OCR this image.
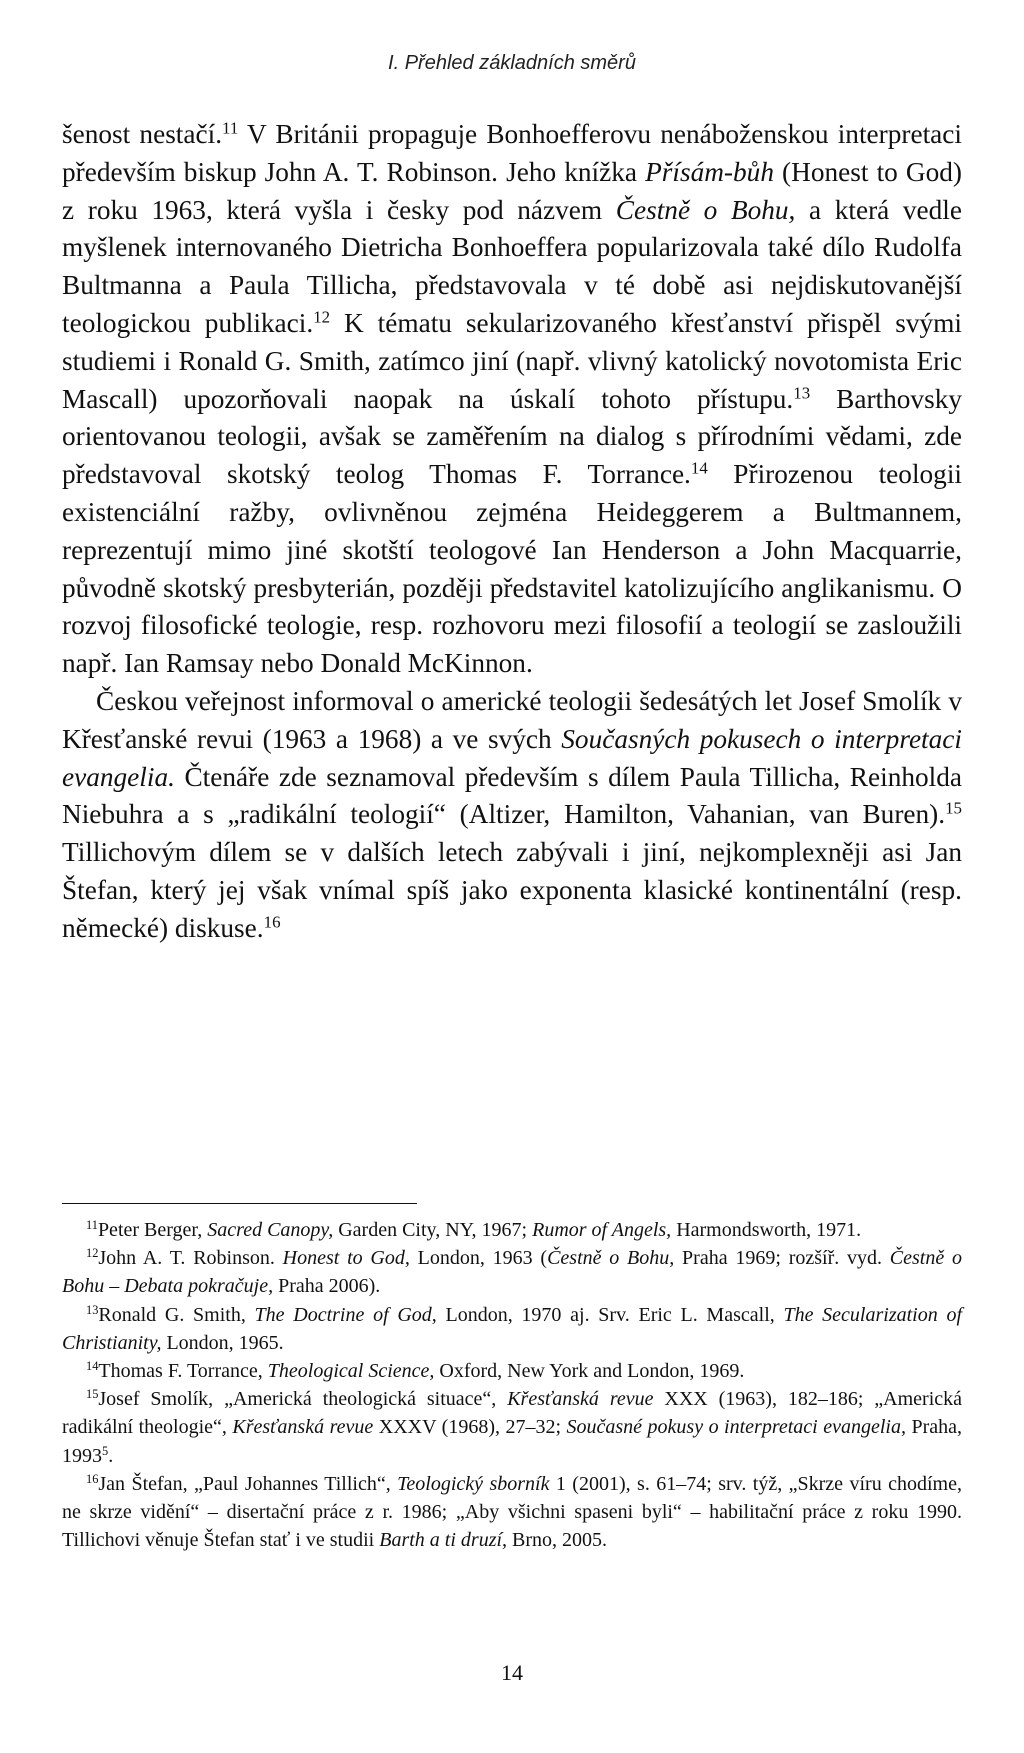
I. Přehled základních směrů

šenost nestačí.$^{11}$ V Británii propaguje Bonhoefferovu nenáboženskou interpretaci především biskup John A. T. Robinson. Jeho knížka Přísám-bůh (Honest to God) z roku 1963, která vyšla i česky pod názvem Čestně o Bohu, a která vedle myšlenek internovaného Dietricha Bonhoeffera popularizovala také dílo Rudolfa Bultmanna a Paula Tillicha, představovala v té době asi nejdiskutovanější teologickou publikaci.$^{12}$ K tématu sekularizovaného křesťanství přispěl svými studiemi i Ronald G. Smith, zatímco jiní (např. vlivný katolický novotomista Eric Mascall) upozorňovali naopak na úskalí tohoto přístupu.$^{13}$ Barthovsky orientovanou teologii, avšak se zaměřením na dialog s přírodními vědami, zde představoval skotský teolog Thomas F. Torrance.$^{14}$ Přirozenou teologii existenciální ražby, ovlivněnou zejména Heideggerem a Bultmannem, reprezentují mimo jiné skotští teologové Ian Henderson a John Macquarrie, původně skotský presbyterián, později představitel katolizujícího anglikanismu. O rozvoj filosofické teologie, resp. rozhovoru mezi filosofií a teologií se zasloužili např. Ian Ramsay nebo Donald McKinnon.

Českou veřejnost informoval o americké teologii šedesátých let Josef Smolík v Křesťanské revui (1963 a 1968) a ve svých Současných pokusech o interpretaci evangelia. Čtenáře zde seznamoval především s dílem Paula Tillicha, Reinholda Niebuhra a s „radikální teologií“ (Altizer, Hamilton, Vahanian, van Buren).$^{15}$ Tillichovým dílem se v dalších letech zabývali i jiní, nejkomplexněji asi Jan Štefan, který jej však vnímal spíš jako exponenta klasické kontinentální (resp. německé) diskuse.$^{16}$

$^{11}$Peter Berger, Sacred Canopy, Garden City, NY, 1967; Rumor of Angels, Harmondsworth, 1971.

$^{12}$John A. T. Robinson. Honest to God, London, 1963 (Čestně o Bohu, Praha 1969; rozšíř. vyd. Čestně o Bohu – Debata pokračuje, Praha 2006).

$^{13}$Ronald G. Smith, The Doctrine of God, London, 1970 aj. Srv. Eric L. Mascall, The Secularization of Christianity, London, 1965.

$^{14}$Thomas F. Torrance, Theological Science, Oxford, New York and London, 1969.

$^{15}$Josef Smolík, „Americká theologická situace“, Křesťanská revue XXX (1963), 182–186; „Americká radikální theologie“, Křesťanská revue XXXV (1968), 27–32; Současné pokusy o interpretaci evangelia, Praha, 1993$^5$.

$^{16}$Jan Štefan, „Paul Johannes Tillich“, Teologický sborník 1 (2001), s. 61–74; srv. týž, „Skrze víru chodíme, ne skrze vidění“ – disertační práce z r. 1986; „Aby všichni spaseni byli“ – habilitační práce z roku 1990. Tillichovi věnuje Štefan stať i ve studii Barth a ti druzí, Brno, 2005.

14
